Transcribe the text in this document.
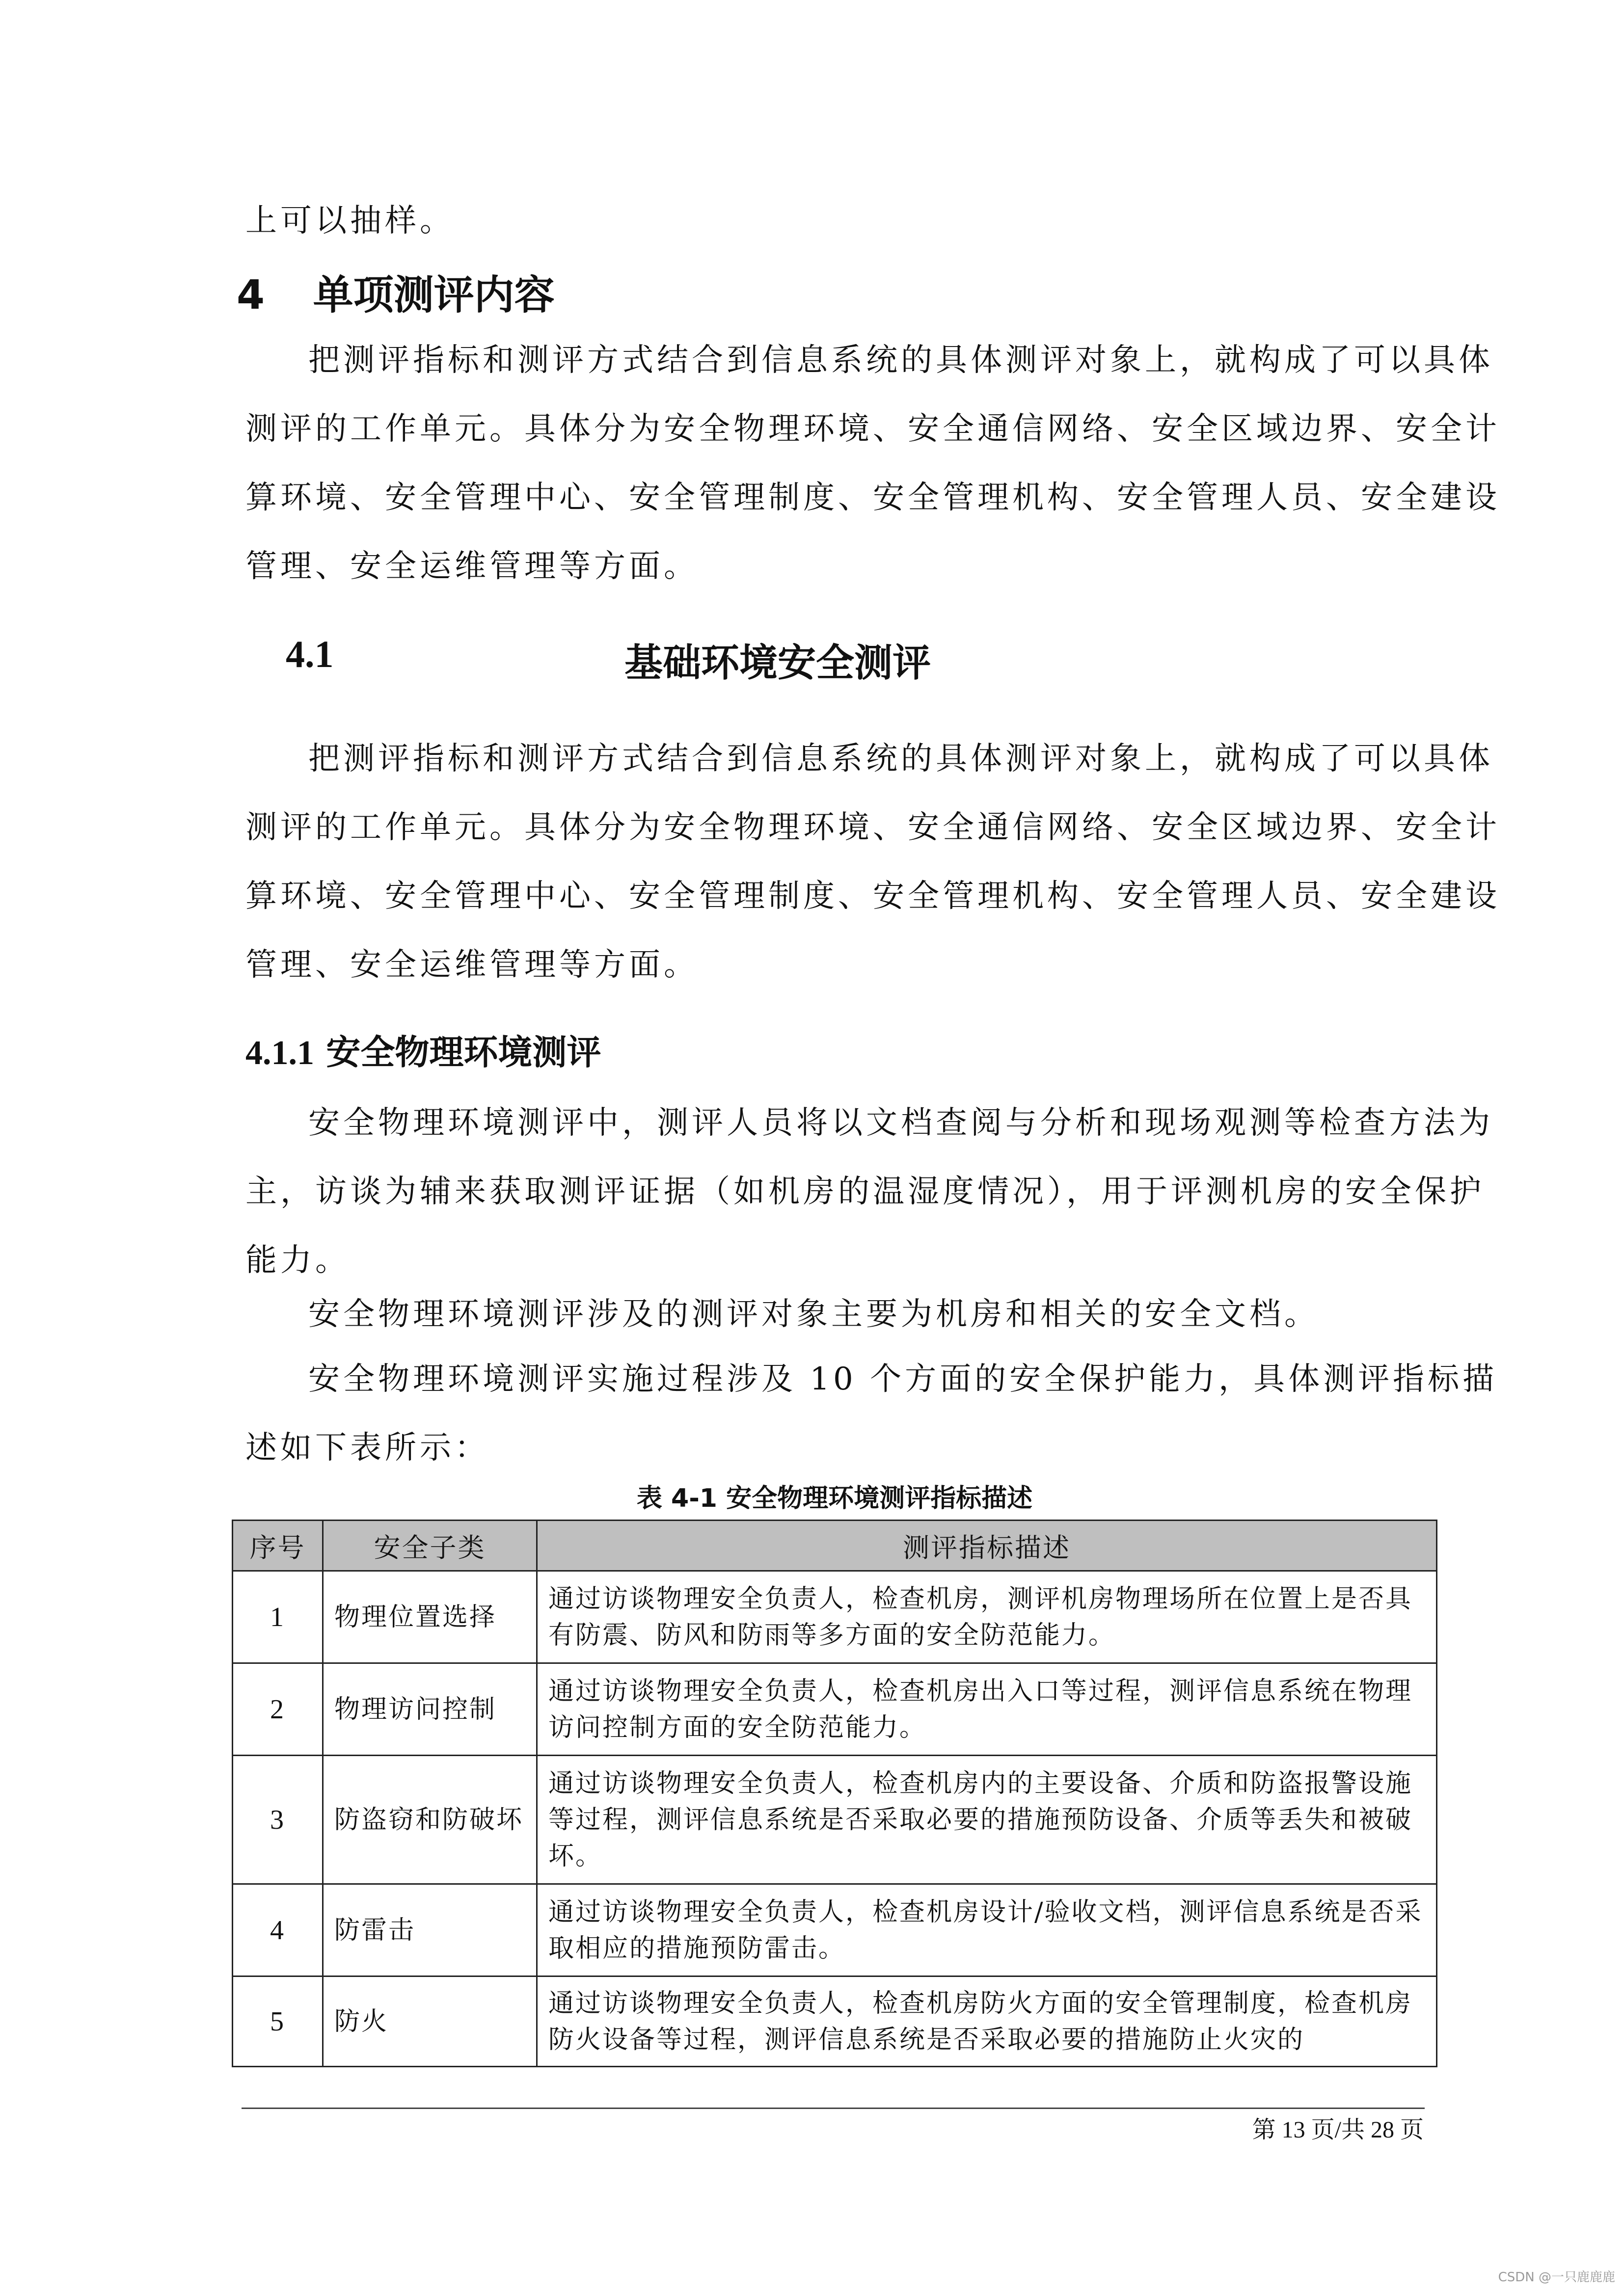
上可以抽样。

4 单项测评内容
把测评指标和测评方式结合到信息系统的具体测评对象上，就构成了可以具体
测评的工作单元。具体分为安全物理环境、安全通信网络、安全区域边界、安全计
算环境、安全管理中心、安全管理制度、安全管理机构、安全管理人员、安全建设
管理、安全运维管理等方面。
4.1	基础环境安全测评
把测评指标和测评方式结合到信息系统的具体测评对象上，就构成了可以具体
测评的工作单元。具体分为安全物理环境、安全通信网络、安全区域边界、安全计
算环境、安全管理中心、安全管理制度、安全管理机构、安全管理人员、安全建设
管理、安全运维管理等方面。
4.1.1 安全物理环境测评
安全物理环境测评中，测评人员将以文档查阅与分析和现场观测等检查方法为
主，访谈为辅来获取测评证据（如机房的温湿度情况），用于评测机房的安全保护
能力。

安全物理环境测评涉及的测评对象主要为机房和相关的安全文档。

安全物理环境测评实施过程涉及 10 个方面的安全保护能力，具体测评指标描
述如下表所示：
表 4-1 安全物理环境测评指标描述
序号	安全子类	测评指标描述
1	物理位置选择	通过访谈物理安全负责人，检查机房，测评机房物理场所在位置上是否具有防震、防风和防雨等多方面的安全防范能力。
2	物理访问控制	通过访谈物理安全负责人，检查机房出入口等过程，测评信息系统在物理访问控制方面的安全防范能力。
3	防盗窃和防破坏	通过访谈物理安全负责人，检查机房内的主要设备、介质和防盗报警设施等过程，测评信息系统是否采取必要的措施预防设备、介质等丢失和被破坏。
4	防雷击	通过访谈物理安全负责人，检查机房设计/验收文档，测评信息系统是否采取相应的措施预防雷击。
5	防火	通过访谈物理安全负责人，检查机房防火方面的安全管理制度，检查机房防火设备等过程，测评信息系统是否采取必要的措施防止火灾的
第 13 页/共 28 页
CSDN @一只鹿鹿鹿
